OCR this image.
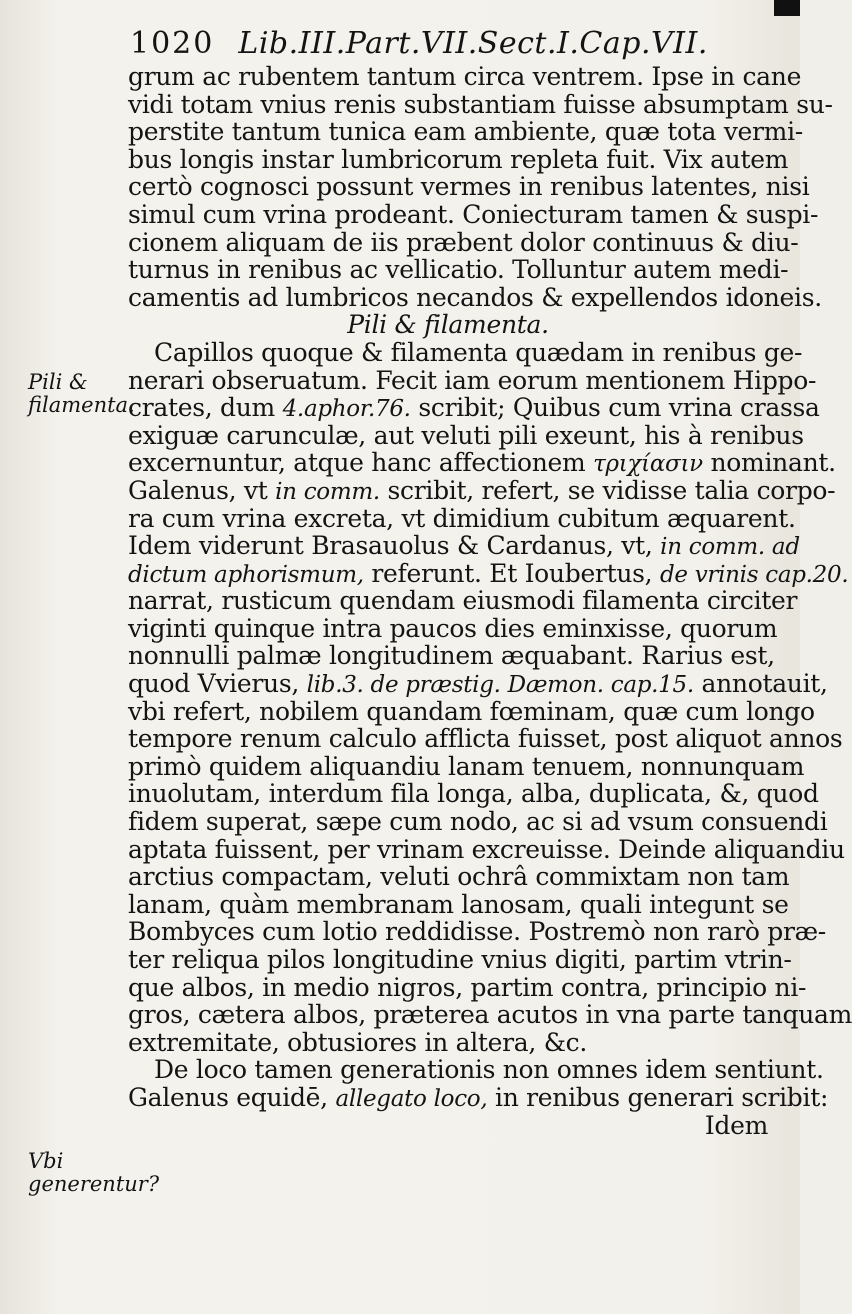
1020 Lib.III.Part.VII.Sect.I.Cap.VII.
Pili & filamenta.
Vbi generentur?
grum ac rubentem tantum circa ventrem. Ipse in cane
vidi totam vnius renis substantiam fuisse absumptam su-
perstite tantum tunica eam ambiente, quæ tota vermi-
bus longis instar lumbricorum repleta fuit. Vix autem
certò cognosci possunt vermes in renibus latentes, nisi
simul cum vrina prodeant. Coniecturam tamen & suspi-
cionem aliquam de iis præbent dolor continuus & diu-
turnus in renibus ac vellicatio. Tolluntur autem medi-
camentis ad lumbricos necandos & expellendos idoneis.
Pili & filamenta.
Capillos quoque & filamenta quædam in renibus ge-
nerari obseruatum. Fecit iam eorum mentionem Hippo-
crates, dum 4.aphor.76. scribit; Quibus cum vrina crassa
exiguæ carunculæ, aut veluti pili exeunt, his à renibus
excernuntur, atque hanc affectionem τριχίασιν nominant.
Galenus, vt in comm. scribit, refert, se vidisse talia corpo-
ra cum vrina excreta, vt dimidium cubitum æquarent.
Idem viderunt Brasauolus & Cardanus, vt, in comm. ad
dictum aphorismum, referunt. Et Ioubertus, de vrinis cap.20.
narrat, rusticum quendam eiusmodi filamenta circiter
viginti quinque intra paucos dies eminxisse, quorum
nonnulli palmæ longitudinem æquabant. Rarius est,
quod Vvierus, lib.3. de præstig. Dæmon. cap.15. annotauit,
vbi refert, nobilem quandam fœminam, quæ cum longo
tempore renum calculo afflicta fuisset, post aliquot annos
primò quidem aliquandiu lanam tenuem, nonnunquam
inuolutam, interdum fila longa, alba, duplicata, &, quod
fidem superat, sæpe cum nodo, ac si ad vsum consuendi
aptata fuissent, per vrinam excreuisse. Deinde aliquandiu
arctius compactam, veluti ochrâ commixtam non tam
lanam, quàm membranam lanosam, quali integunt se
Bombyces cum lotio reddidisse. Postremò non rarò præ-
ter reliqua pilos longitudine vnius digiti, partim vtrin-
que albos, in medio nigros, partim contra, principio ni-
gros, cætera albos, præterea acutos in vna parte tanquam
extremitate, obtusiores in altera, &c.
De loco tamen generationis non omnes idem sentiunt.
Galenus equidē, allegato loco, in renibus generari scribit:
Idem
